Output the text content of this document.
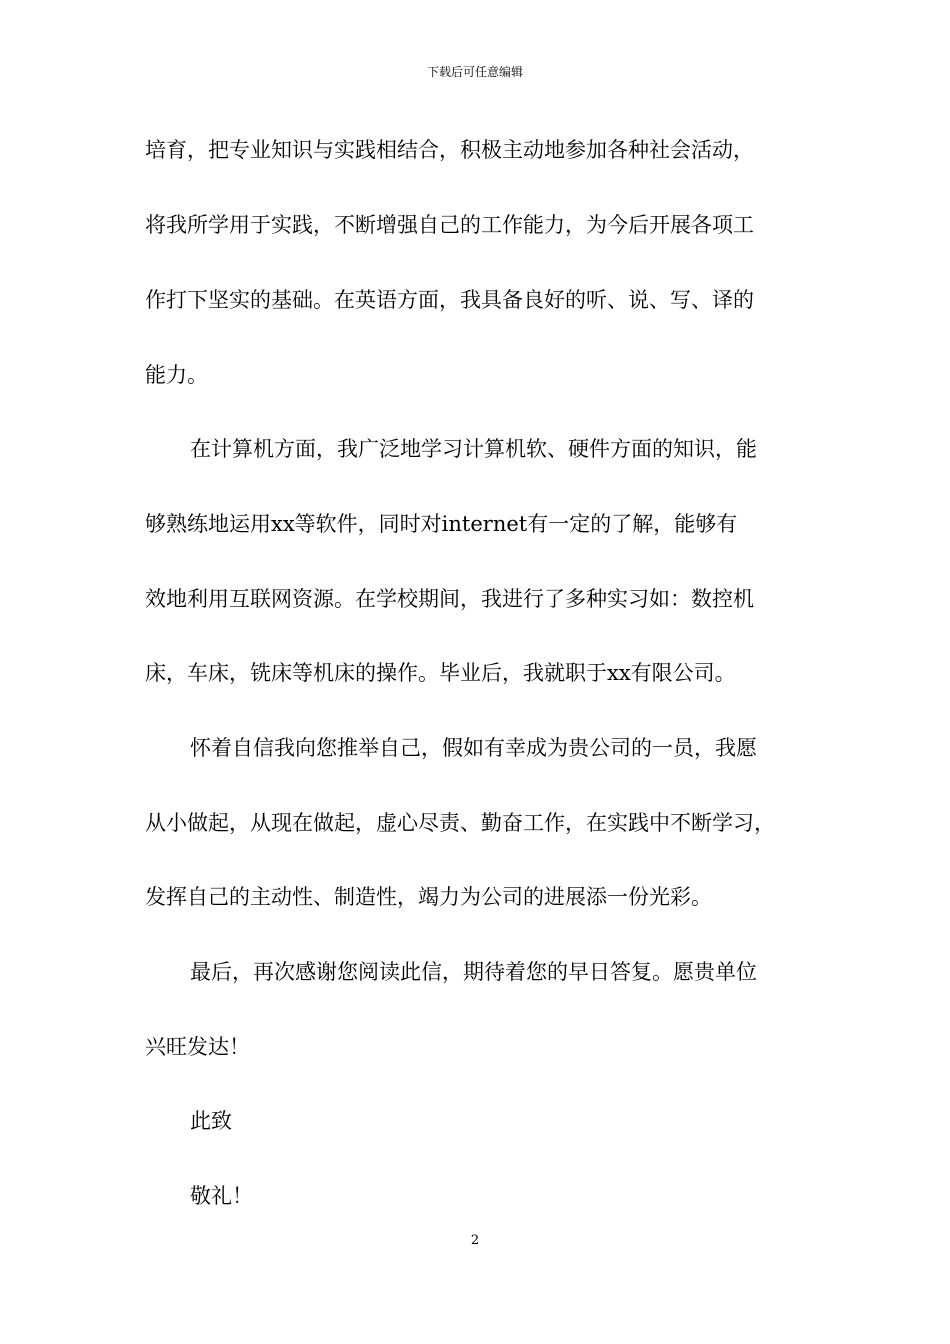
下载后可任意编辑
培育，把专业知识与实践相结合，积极主动地参加各种社会活动，
将我所学用于实践，不断增强自己的工作能力，为今后开展各项工
作打下坚实的基础。在英语方面，我具备良好的听、说、写、译的
能力。
在计算机方面，我广泛地学习计算机软、硬件方面的知识，能
够熟练地运用xx等软件，同时对internet有一定的了解，能够有
效地利用互联网资源。在学校期间，我进行了多种实习如：数控机
床，车床，铣床等机床的操作。毕业后，我就职于xx有限公司。
怀着自信我向您推举自己，假如有幸成为贵公司的一员，我愿
从小做起，从现在做起，虚心尽责、勤奋工作，在实践中不断学习，
发挥自己的主动性、制造性，竭力为公司的进展添一份光彩。
最后，再次感谢您阅读此信，期待着您的早日答复。愿贵单位
兴旺发达！
此致
敬礼！
2
